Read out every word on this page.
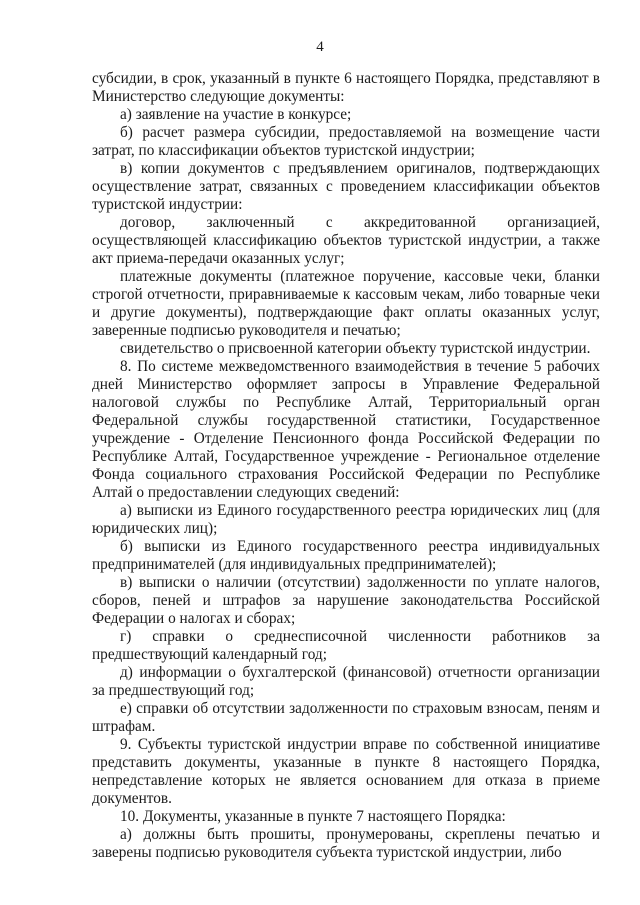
4

субсидии, в срок, указанный в пункте 6 настоящего Порядка, представляют в Министерство следующие документы:

а) заявление на участие в конкурсе;

б) расчет размера субсидии, предоставляемой на возмещение части затрат, по классификации объектов туристской индустрии;

в) копии документов с предъявлением оригиналов, подтверждающих осуществление затрат, связанных с проведением классификации объектов туристской индустрии:

договор, заключенный с аккредитованной организацией, осуществляющей классификацию объектов туристской индустрии, а также акт приема-передачи оказанных услуг;

платежные документы (платежное поручение, кассовые чеки, бланки строгой отчетности, приравниваемые к кассовым чекам, либо товарные чеки и другие документы), подтверждающие факт оплаты оказанных услуг, заверенные подписью руководителя и печатью;

свидетельство о присвоенной категории объекту туристской индустрии.

8. По системе межведомственного взаимодействия в течение 5 рабочих дней Министерство оформляет запросы в Управление Федеральной налоговой службы по Республике Алтай, Территориальный орган Федеральной службы государственной статистики, Государственное учреждение - Отделение Пенсионного фонда Российской Федерации по Республике Алтай, Государственное учреждение - Региональное отделение Фонда социального страхования Российской Федерации по Республике Алтай о предоставлении следующих сведений:

а) выписки из Единого государственного реестра юридических лиц (для юридических лиц);

б) выписки из Единого государственного реестра индивидуальных предпринимателей (для индивидуальных предпринимателей);

в) выписки о наличии (отсутствии) задолженности по уплате налогов, сборов, пеней и штрафов за нарушение законодательства Российской Федерации о налогах и сборах;

г) справки о среднесписочной численности работников за предшествующий календарный год;

д) информации о бухгалтерской (финансовой) отчетности организации за предшествующий год;

е) справки об отсутствии задолженности по страховым взносам, пеням и штрафам.

9. Субъекты туристской индустрии вправе по собственной инициативе представить документы, указанные в пункте 8 настоящего Порядка, непредставление которых не является основанием для отказа в приеме документов.

10. Документы, указанные в пункте 7 настоящего Порядка:

а) должны быть прошиты, пронумерованы, скреплены печатью и заверены подписью руководителя субъекта туристской индустрии, либо
